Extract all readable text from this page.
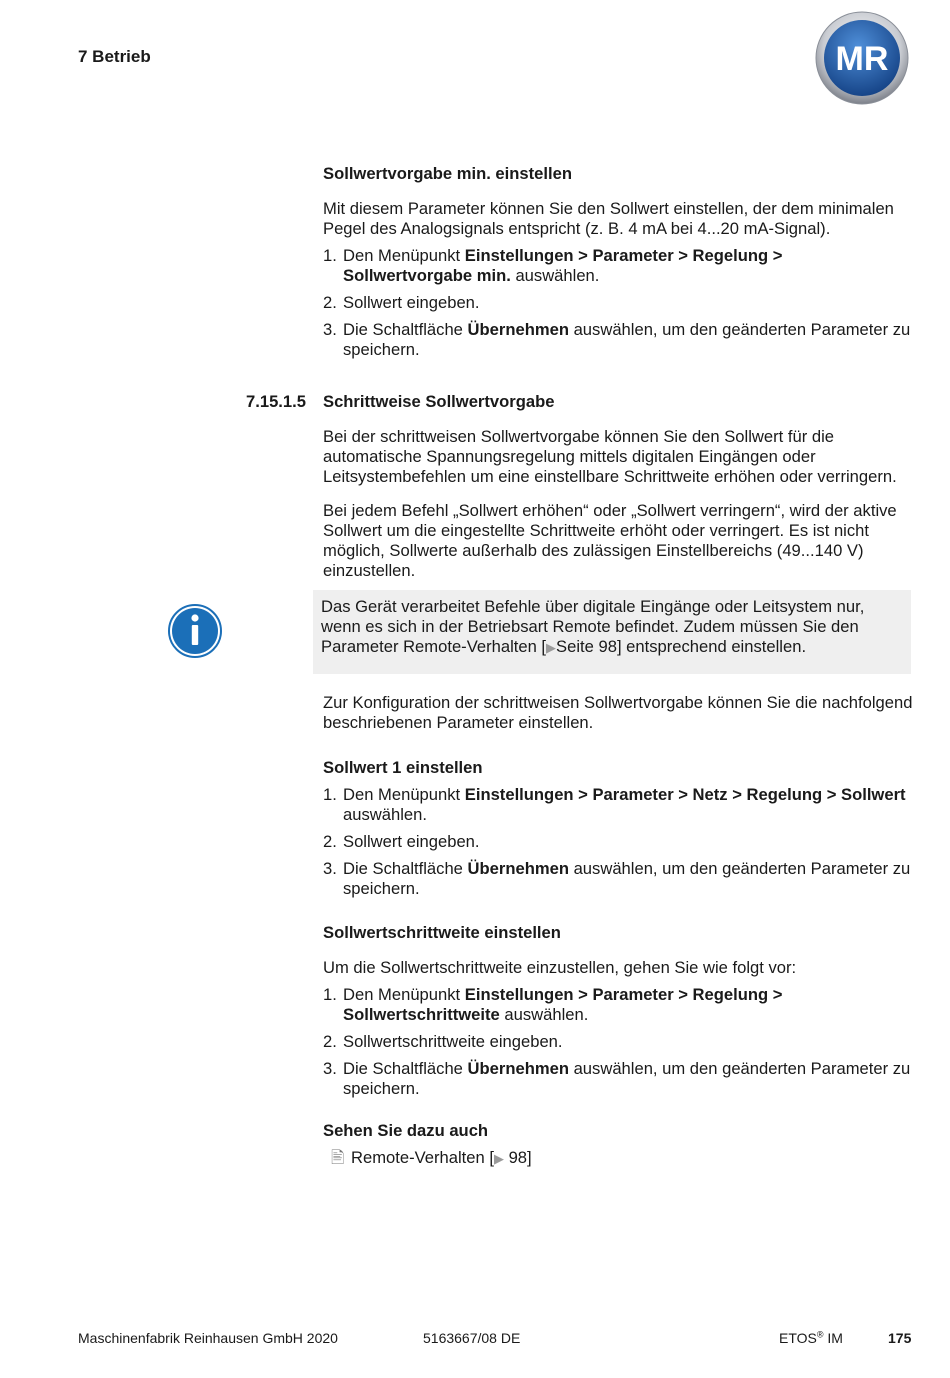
7 Betrieb	MR

Sollwertvorgabe min. einstellen

Mit diesem Parameter können Sie den Sollwert einstellen, der dem minimalen Pegel des Analogsignals entspricht (z. B. 4 mA bei 4...20 mA-Signal).

1. Den Menüpunkt Einstellungen > Parameter > Regelung > Sollwertvorgabe min. auswählen.
2. Sollwert eingeben.
3. Die Schaltfläche Übernehmen auswählen, um den geänderten Parameter zu speichern.
7.15.1.5 Schrittweise Sollwertvorgabe

Bei der schrittweisen Sollwertvorgabe können Sie den Sollwert für die automatische Spannungsregelung mittels digitalen Eingängen oder Leitsystembefehlen um eine einstellbare Schrittweite erhöhen oder verringern.

Bei jedem Befehl „Sollwert erhöhen“ oder „Sollwert verringern“, wird der aktive Sollwert um die eingestellte Schrittweite erhöht oder verringert. Es ist nicht möglich, Sollwerte außerhalb des zulässigen Einstellbereichs (49...140 V) einzustellen.

Das Gerät verarbeitet Befehle über digitale Eingänge oder Leitsystem nur, wenn es sich in der Betriebsart Remote befindet. Zudem müssen Sie den Parameter Remote-Verhalten [▶Seite 98] entsprechend einstellen.

Zur Konfiguration der schrittweisen Sollwertvorgabe können Sie die nachfolgend beschriebenen Parameter einstellen.

Sollwert 1 einstellen

1. Den Menüpunkt Einstellungen > Parameter > Netz > Regelung > Sollwert auswählen.
2. Sollwert eingeben.
3. Die Schaltfläche Übernehmen auswählen, um den geänderten Parameter zu speichern.

Sollwertschrittweite einstellen

Um die Sollwertschrittweite einzustellen, gehen Sie wie folgt vor:

1. Den Menüpunkt Einstellungen > Parameter > Regelung > Sollwertschrittweite auswählen.
2. Sollwertschrittweite eingeben.
3. Die Schaltfläche Übernehmen auswählen, um den geänderten Parameter zu speichern.

Sehen Sie dazu auch

🖹 Remote-Verhalten [▶ 98]

Maschinenfabrik Reinhausen GmbH 2020	5163667/08 DE	ETOS® IM	175
